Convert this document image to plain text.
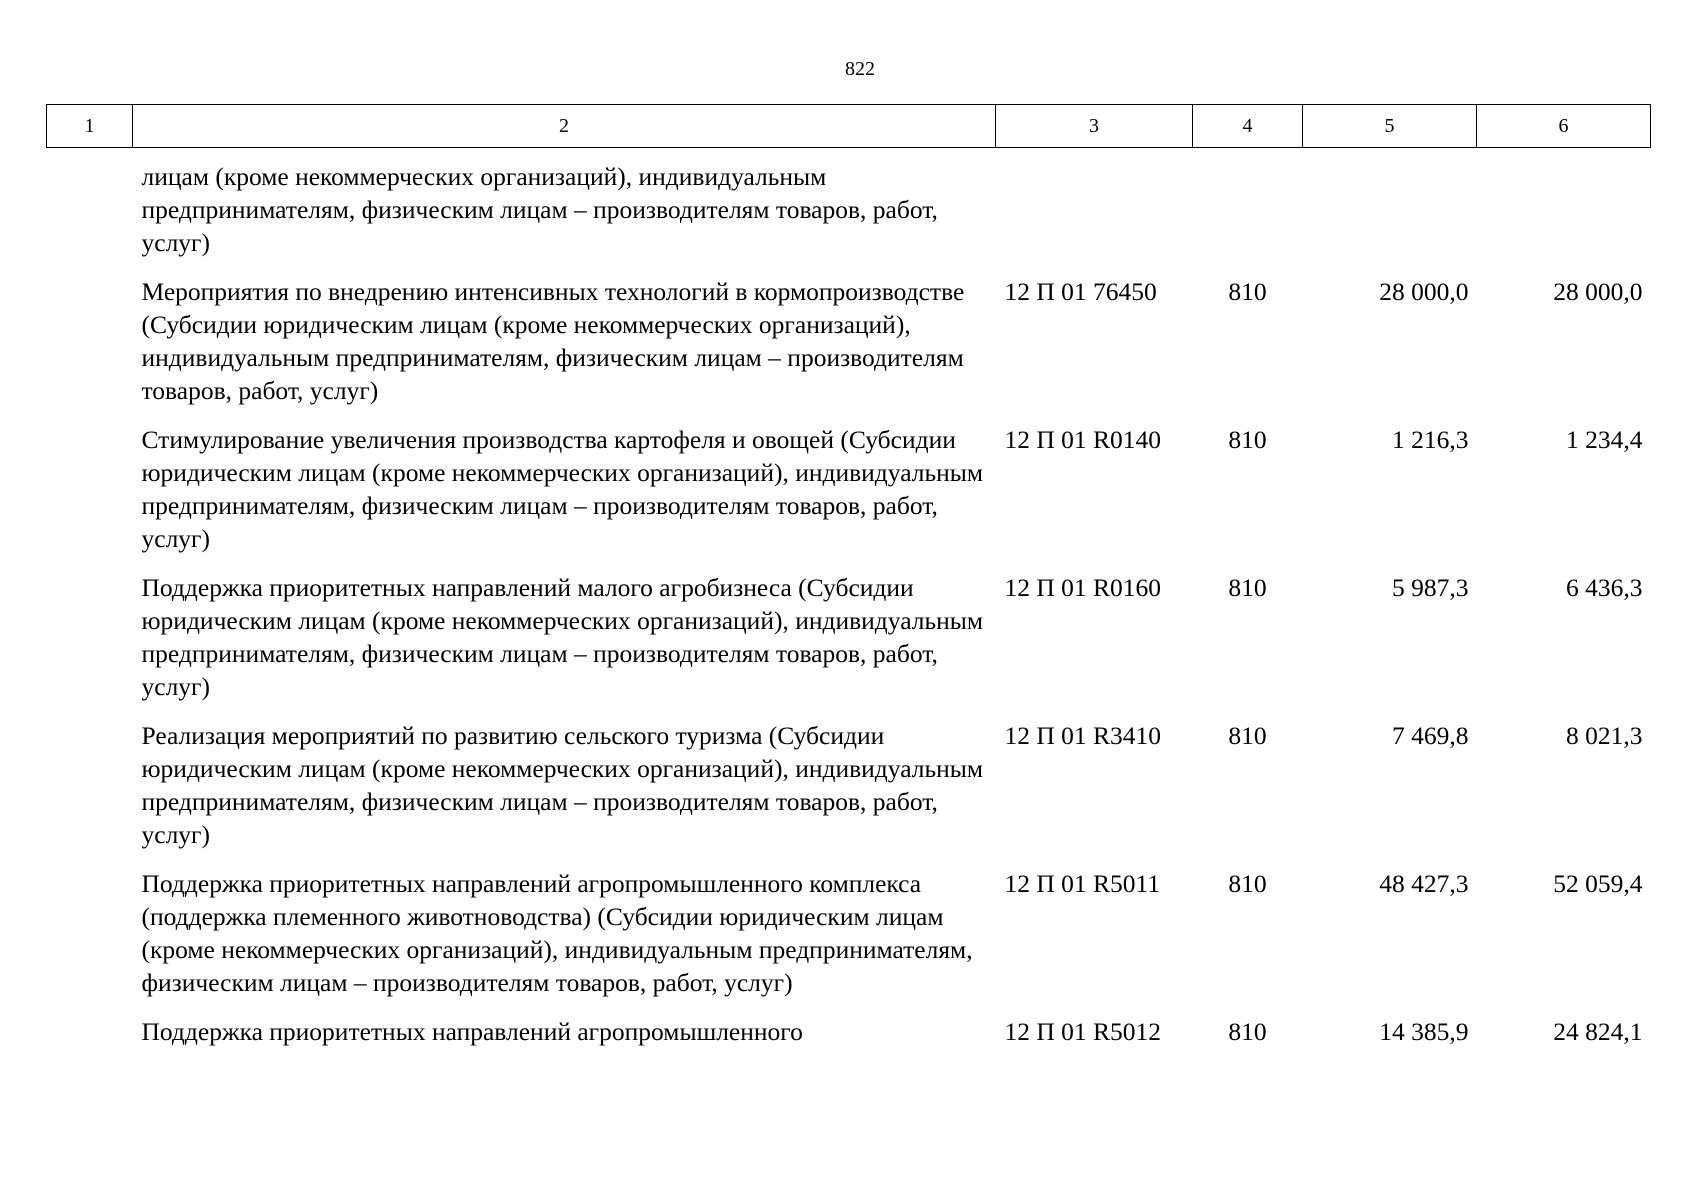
822
1	2	3	4	5	6
	лицам (кроме некоммерческих организаций), индивидуальным предпринимателям, физическим лицам – производителям товаров, работ, услуг)				
	Мероприятия по внедрению интенсивных технологий в кормопроизводстве (Субсидии юридическим лицам (кроме некоммерческих организаций), индивидуальным предпринимателям, физическим лицам – производителям товаров, работ, услуг)	12 П 01 76450	810	28 000,0	28 000,0
	Стимулирование увеличения производства картофеля и овощей (Субсидии юридическим лицам (кроме некоммерческих организаций), индивидуальным предпринимателям, физическим лицам – производителям товаров, работ, услуг)	12 П 01 R0140	810	1 216,3	1 234,4
	Поддержка приоритетных направлений малого агробизнеса (Субсидии юридическим лицам (кроме некоммерческих организаций), индивидуальным предпринимателям, физическим лицам – производителям товаров, работ, услуг)	12 П 01 R0160	810	5 987,3	6 436,3
	Реализация мероприятий по развитию сельского туризма (Субсидии юридическим лицам (кроме некоммерческих организаций), индивидуальным предпринимателям, физическим лицам – производителям товаров, работ, услуг)	12 П 01 R3410	810	7 469,8	8 021,3
	Поддержка приоритетных направлений агропромышленного комплекса (поддержка племенного животноводства) (Субсидии юридическим лицам (кроме некоммерческих организаций), индивидуальным предпринимателям, физическим лицам – производителям товаров, работ, услуг)	12 П 01 R5011	810	48 427,3	52 059,4
	Поддержка приоритетных направлений агропромышленного	12 П 01 R5012	810	14 385,9	24 824,1
